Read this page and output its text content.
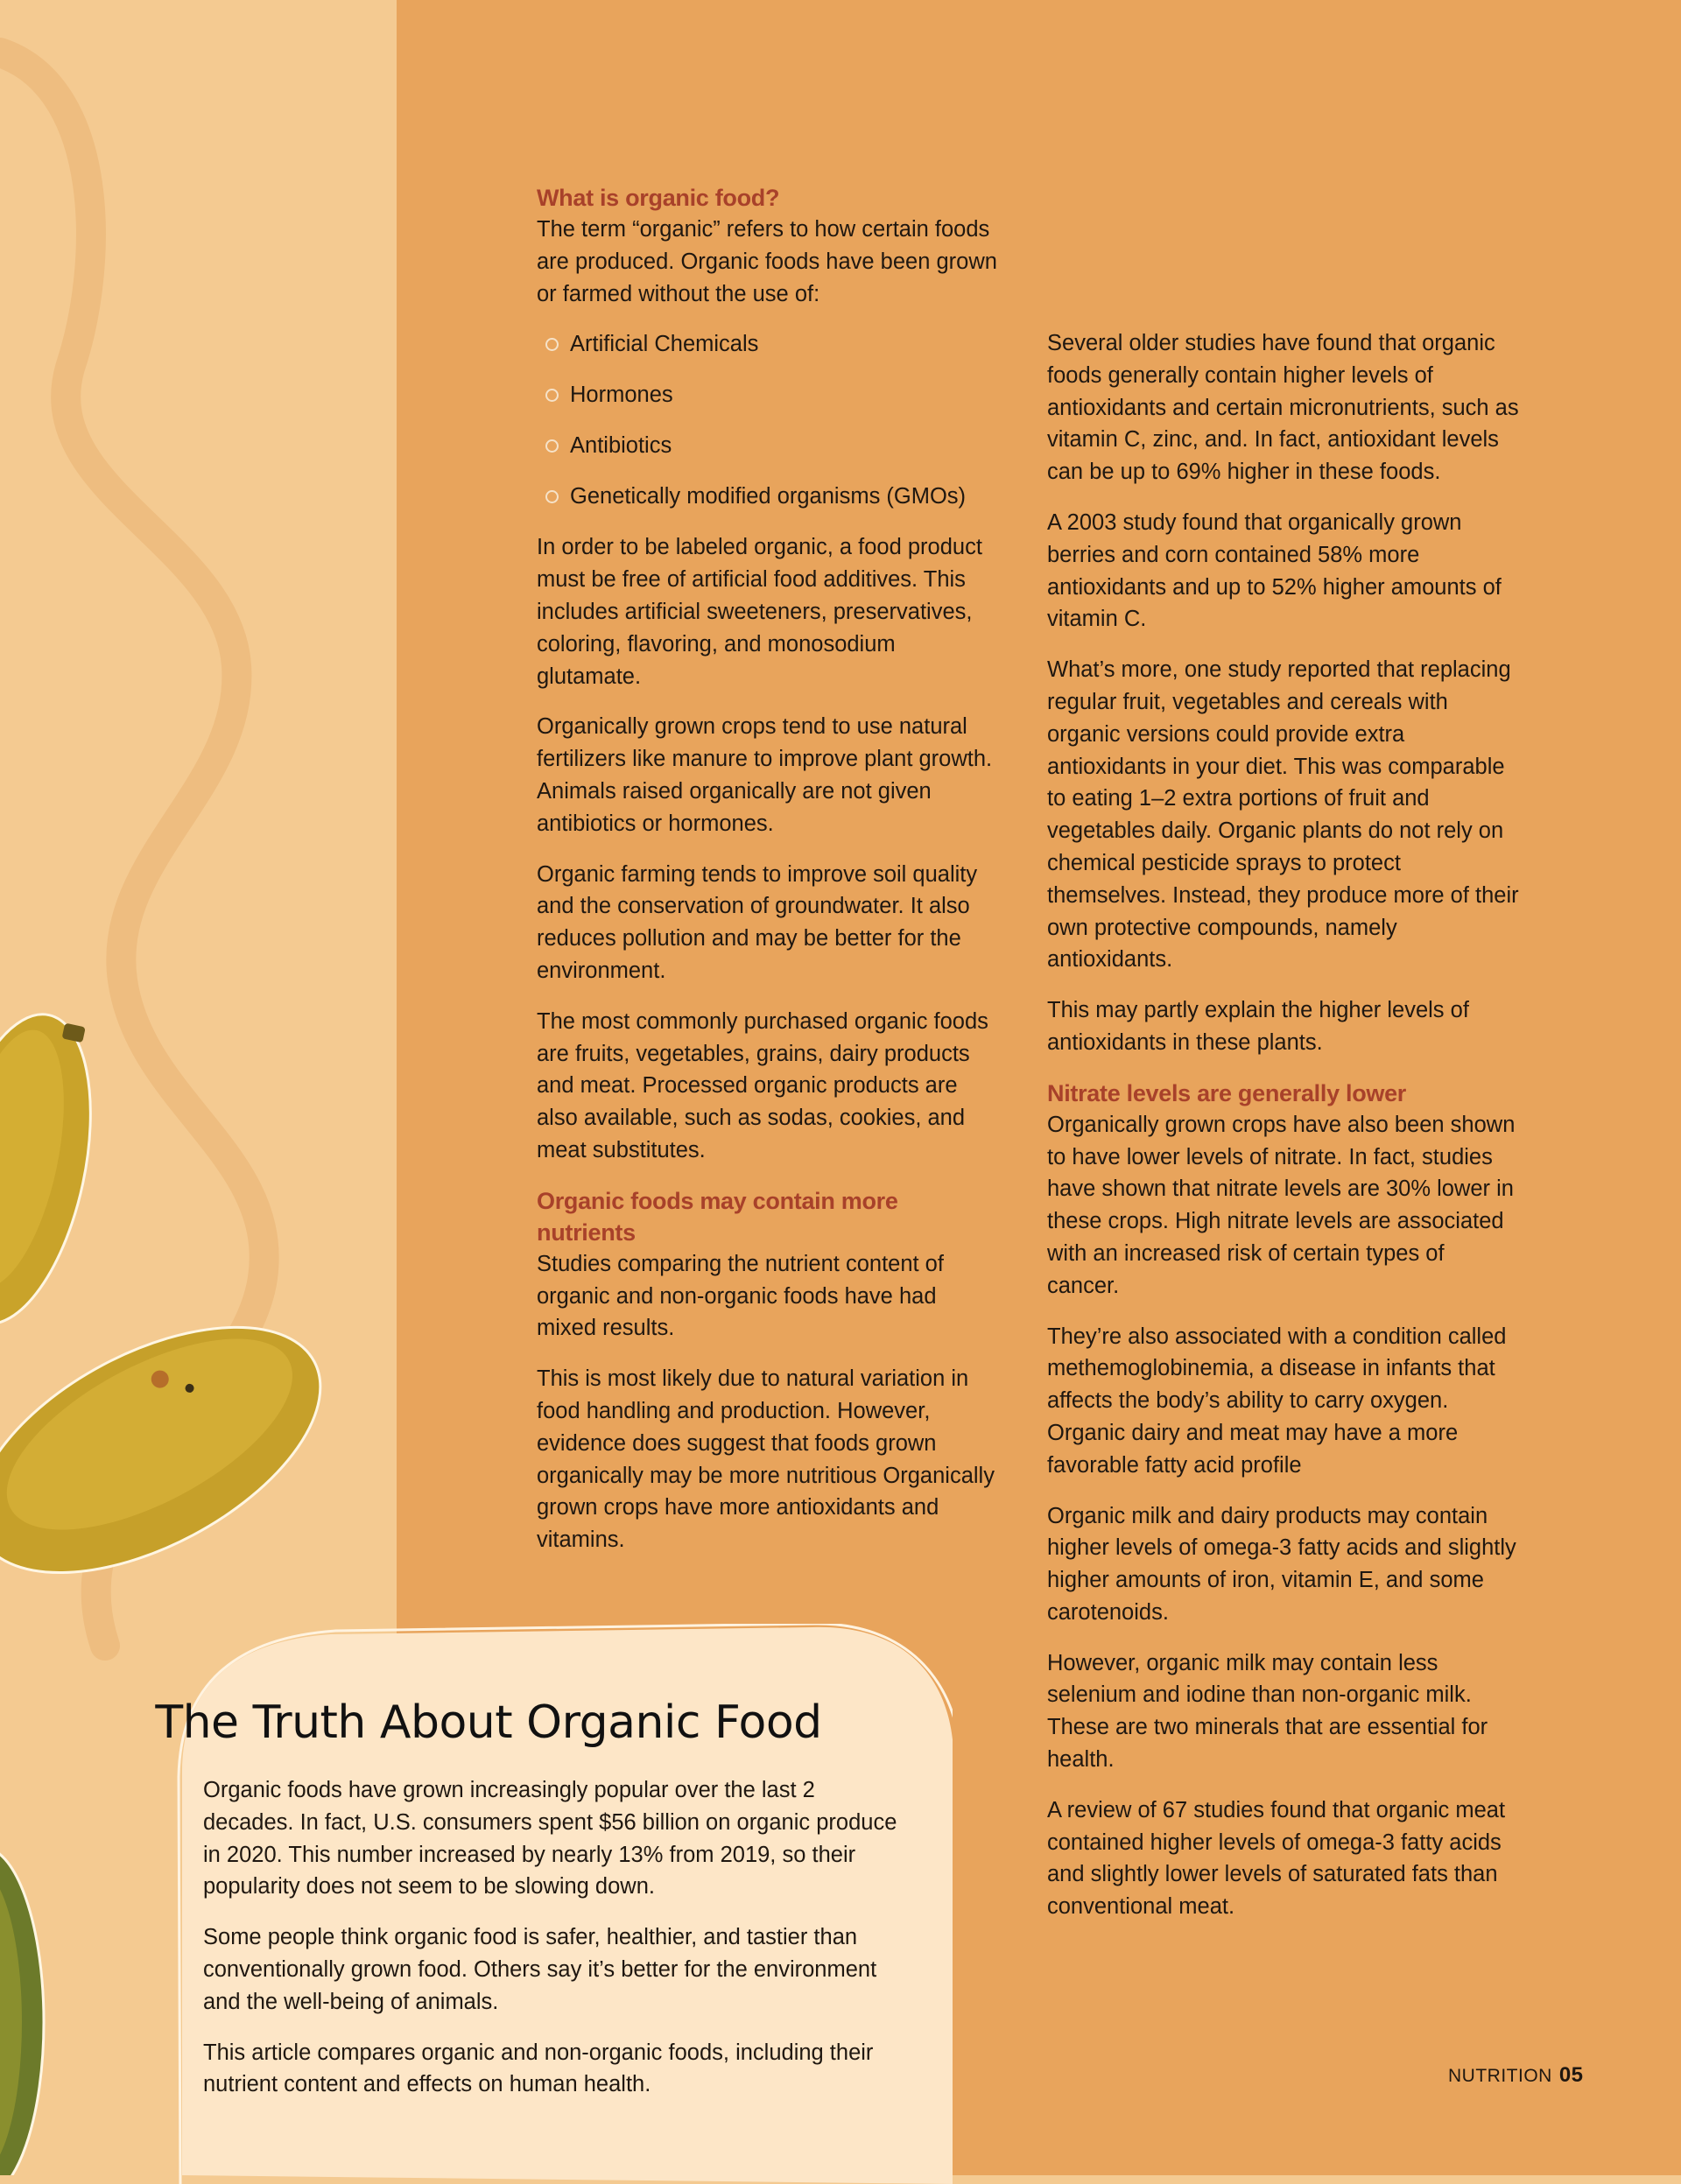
What is organic food?

The term “organic” refers to how certain foods are produced. Organic foods have been grown or farmed without the use of:

Artificial Chemicals
Hormones
Antibiotics
Genetically modified organisms (GMOs)

In order to be labeled organic, a food product must be free of artificial food additives. This includes artificial sweeteners, preservatives, coloring, flavoring, and monosodium glutamate.

Organically grown crops tend to use natural fertilizers like manure to improve plant growth. Animals raised organically are not given antibiotics or hormones.

Organic farming tends to improve soil quality and the conservation of groundwater. It also reduces pollution and may be better for the environment.

The most commonly purchased organic foods are fruits, vegetables, grains, dairy products and meat. Processed organic products are also available, such as sodas, cookies, and meat substitutes.

Organic foods may contain more nutrients

Studies comparing the nutrient content of organic and non-organic foods have had mixed results.

This is most likely due to natural variation in food handling and production. However, evidence does suggest that foods grown organically may be more nutritious Organically grown crops have more antioxidants and vitamins.

Several older studies have found that organic foods generally contain higher levels of antioxidants and certain micronutrients, such as vitamin C, zinc, and. In fact, antioxidant levels can be up to 69% higher in these foods.

A 2003 study found that organically grown berries and corn contained 58% more antioxidants and up to 52% higher amounts of vitamin C.

What’s more, one study reported that replacing regular fruit, vegetables and cereals with organic versions could provide extra antioxidants in your diet. This was comparable to eating 1–2 extra portions of fruit and vegetables daily. Organic plants do not rely on chemical pesticide sprays to protect themselves. Instead, they produce more of their own protective compounds, namely antioxidants.

This may partly explain the higher levels of antioxidants in these plants.

Nitrate levels are generally lower

Organically grown crops have also been shown to have lower levels of nitrate. In fact, studies have shown that nitrate levels are 30% lower in these crops. High nitrate levels are associated with an increased risk of certain types of cancer.

They’re also associated with a condition called methemoglobinemia, a disease in infants that affects the body’s ability to carry oxygen. Organic dairy and meat may have a more favorable fatty acid profile

Organic milk and dairy products may contain higher levels of omega-3 fatty acids and slightly higher amounts of iron, vitamin E, and some carotenoids.

However, organic milk may contain less selenium and iodine than non-organic milk. These are two minerals that are essential for health.

A review of 67 studies found that organic meat contained higher levels of omega-3 fatty acids and slightly lower levels of saturated fats than conventional meat.

The Truth About Organic Food

Organic foods have grown increasingly popular over the last 2 decades. In fact, U.S. consumers spent $56 billion on organic produce in 2020. This number increased by nearly 13% from 2019, so their popularity does not seem to be slowing down.

Some people think organic food is safer, healthier, and tastier than conventionally grown food. Others say it’s better for the environment and the well-being of animals.

This article compares organic and non-organic foods, including their nutrient content and effects on human health.	NUTRITION 05
